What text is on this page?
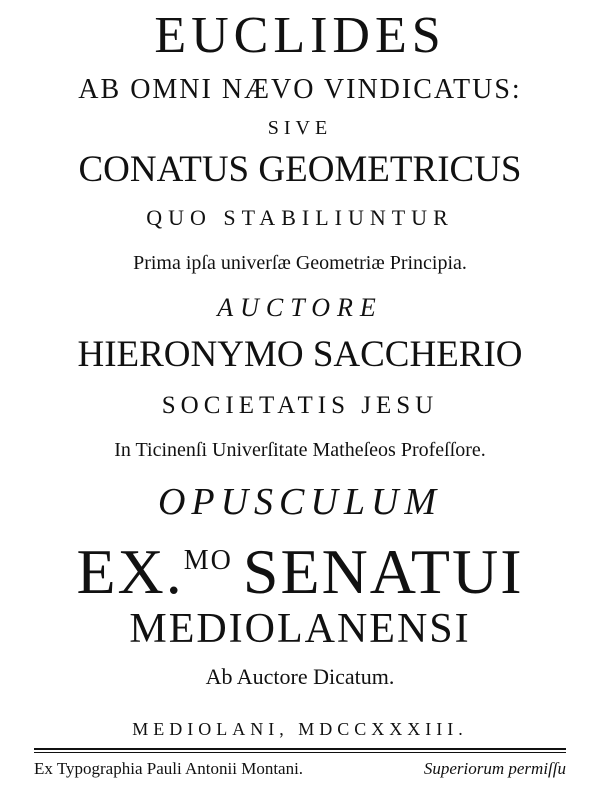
EUCLIDES
AB OMNI NÆVO VINDICATUS:
SIVE
CONATUS GEOMETRICUS
QUO STABILIUNTUR
Prima ipſa univerſæ Geometriæ Principia.
AUCTORE
HIERONYMO SACCHERIO
SOCIETATIS JESU
In Ticinenſi Univerſitate Matheſeos Profeſſore.
OPUSCULUM
EX.$^{MO}$ SENATUI
MEDIOLANENSI
Ab Auctore Dicatum.
MEDIOLANI, MDCCXXXIII.
Ex Typographia Pauli Antonii Montani.	Superiorum permiſſu
